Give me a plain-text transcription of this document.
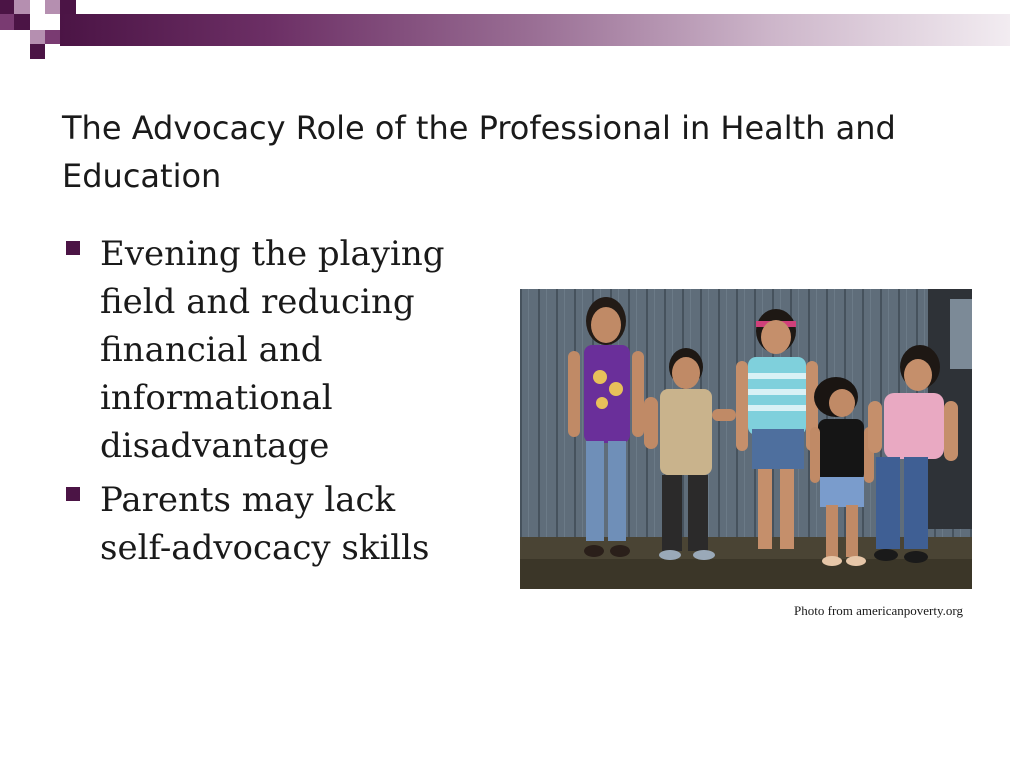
The Advocacy Role of the Professional in Health and Education
Evening the playing field and reducing financial and informational disadvantage
Parents may lack self-advocacy skills
Photo from americanpoverty.org
